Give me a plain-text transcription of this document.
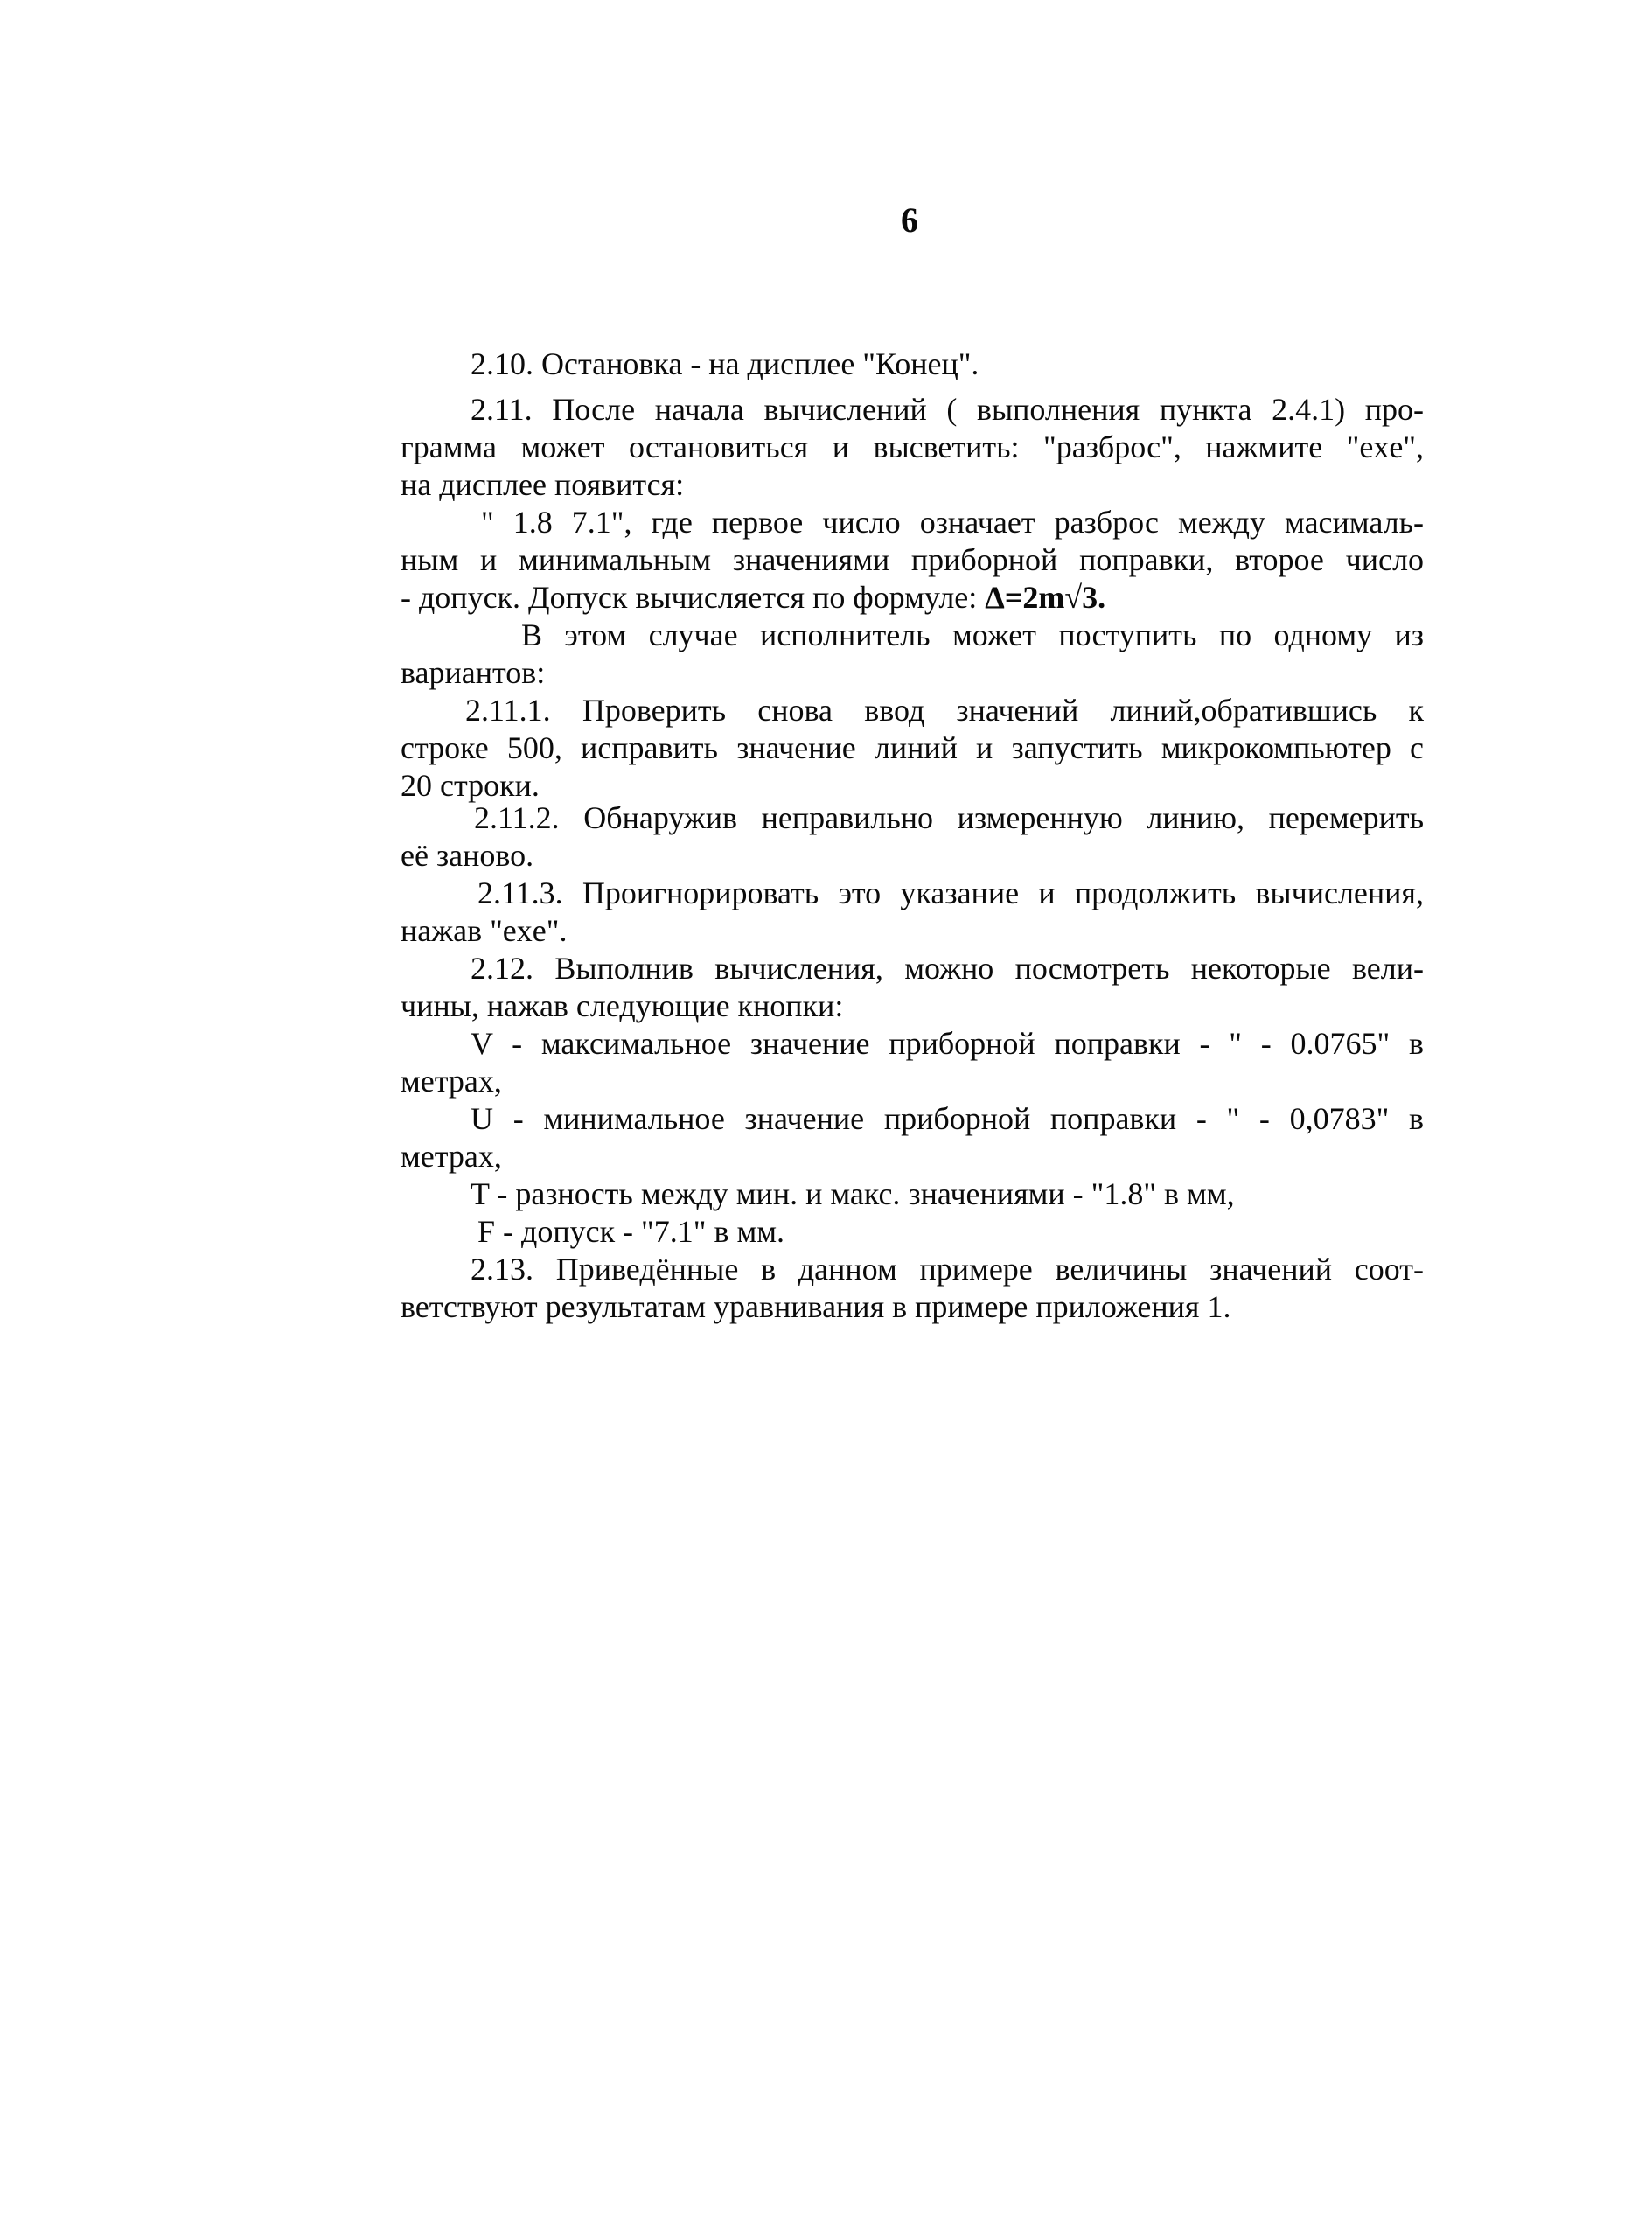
6
2.10. Остановка - на дисплее "Конец".
2.11. После начала вычислений ( выполнения пункта 2.4.1) про-
грамма может остановиться и высветить: "разброс", нажмите "exe",
на дисплее появится:
" 1.8 7.1", где первое число означает разброс между масималь-
ным и минимальным значениями приборной поправки, второе число
- допуск. Допуск вычисляется по формуле: Δ=2m√3.
В этом случае исполнитель может поступить по одному из
вариантов:
2.11.1. Проверить снова ввод значений линий,обратившись к
строке 500, исправить значение линий и запустить микрокомпьютер с
20 строки.
2.11.2. Обнаружив неправильно измеренную линию, перемерить
её заново.
2.11.3. Проигнорировать это указание и продолжить вычисления,
нажав "exe".
2.12. Выполнив вычисления, можно посмотреть некоторые вели-
чины, нажав следующие кнопки:
V - максимальное значение приборной поправки - " - 0.0765" в
метрах,
U - минимальное значение приборной поправки - " - 0,0783" в
метрах,
T - разность между мин. и макс. значениями - "1.8" в мм,
F - допуск - "7.1" в мм.
2.13. Приведённые в данном примере величины значений соот-
ветствуют результатам уравнивания в примере приложения 1.
